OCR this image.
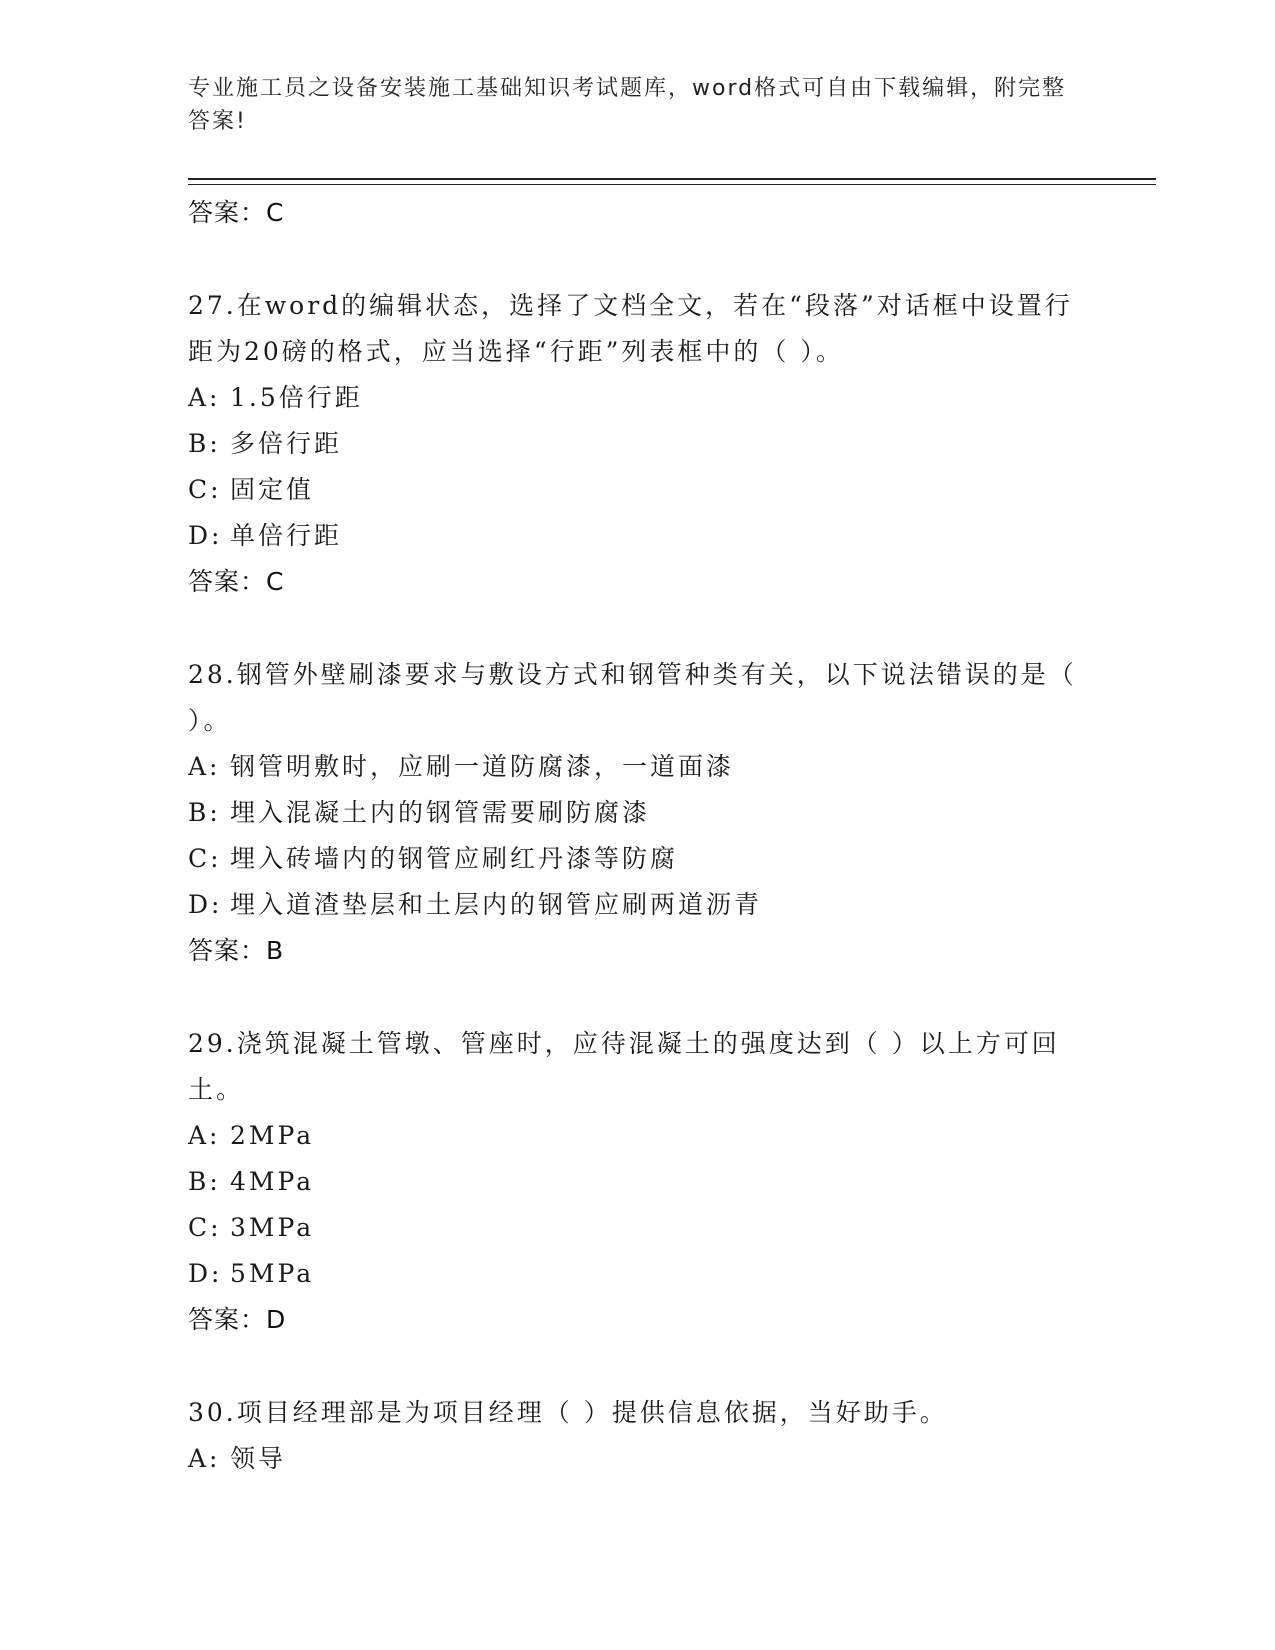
专业施工员之设备安装施工基础知识考试题库，word格式可自由下载编辑，附完整答案!
答案：C
27.在word的编辑状态，选择了文档全文，若在“段落”对话框中设置行距为20磅的格式，应当选择“行距”列表框中的（ ）。
A: 1.5倍行距
B: 多倍行距
C: 固定值
D: 单倍行距
答案：C
28.钢管外壁刷漆要求与敷设方式和钢管种类有关，以下说法错误的是（ ）。
A: 钢管明敷时，应刷一道防腐漆，一道面漆
B: 埋入混凝土内的钢管需要刷防腐漆
C: 埋入砖墙内的钢管应刷红丹漆等防腐
D: 埋入道渣垫层和土层内的钢管应刷两道沥青
答案：B
29.浇筑混凝土管墩、管座时，应待混凝土的强度达到（ ）以上方可回土。
A: 2MPa
B: 4MPa
C: 3MPa
D: 5MPa
答案：D
30.项目经理部是为项目经理（ ）提供信息依据，当好助手。
A: 领导
